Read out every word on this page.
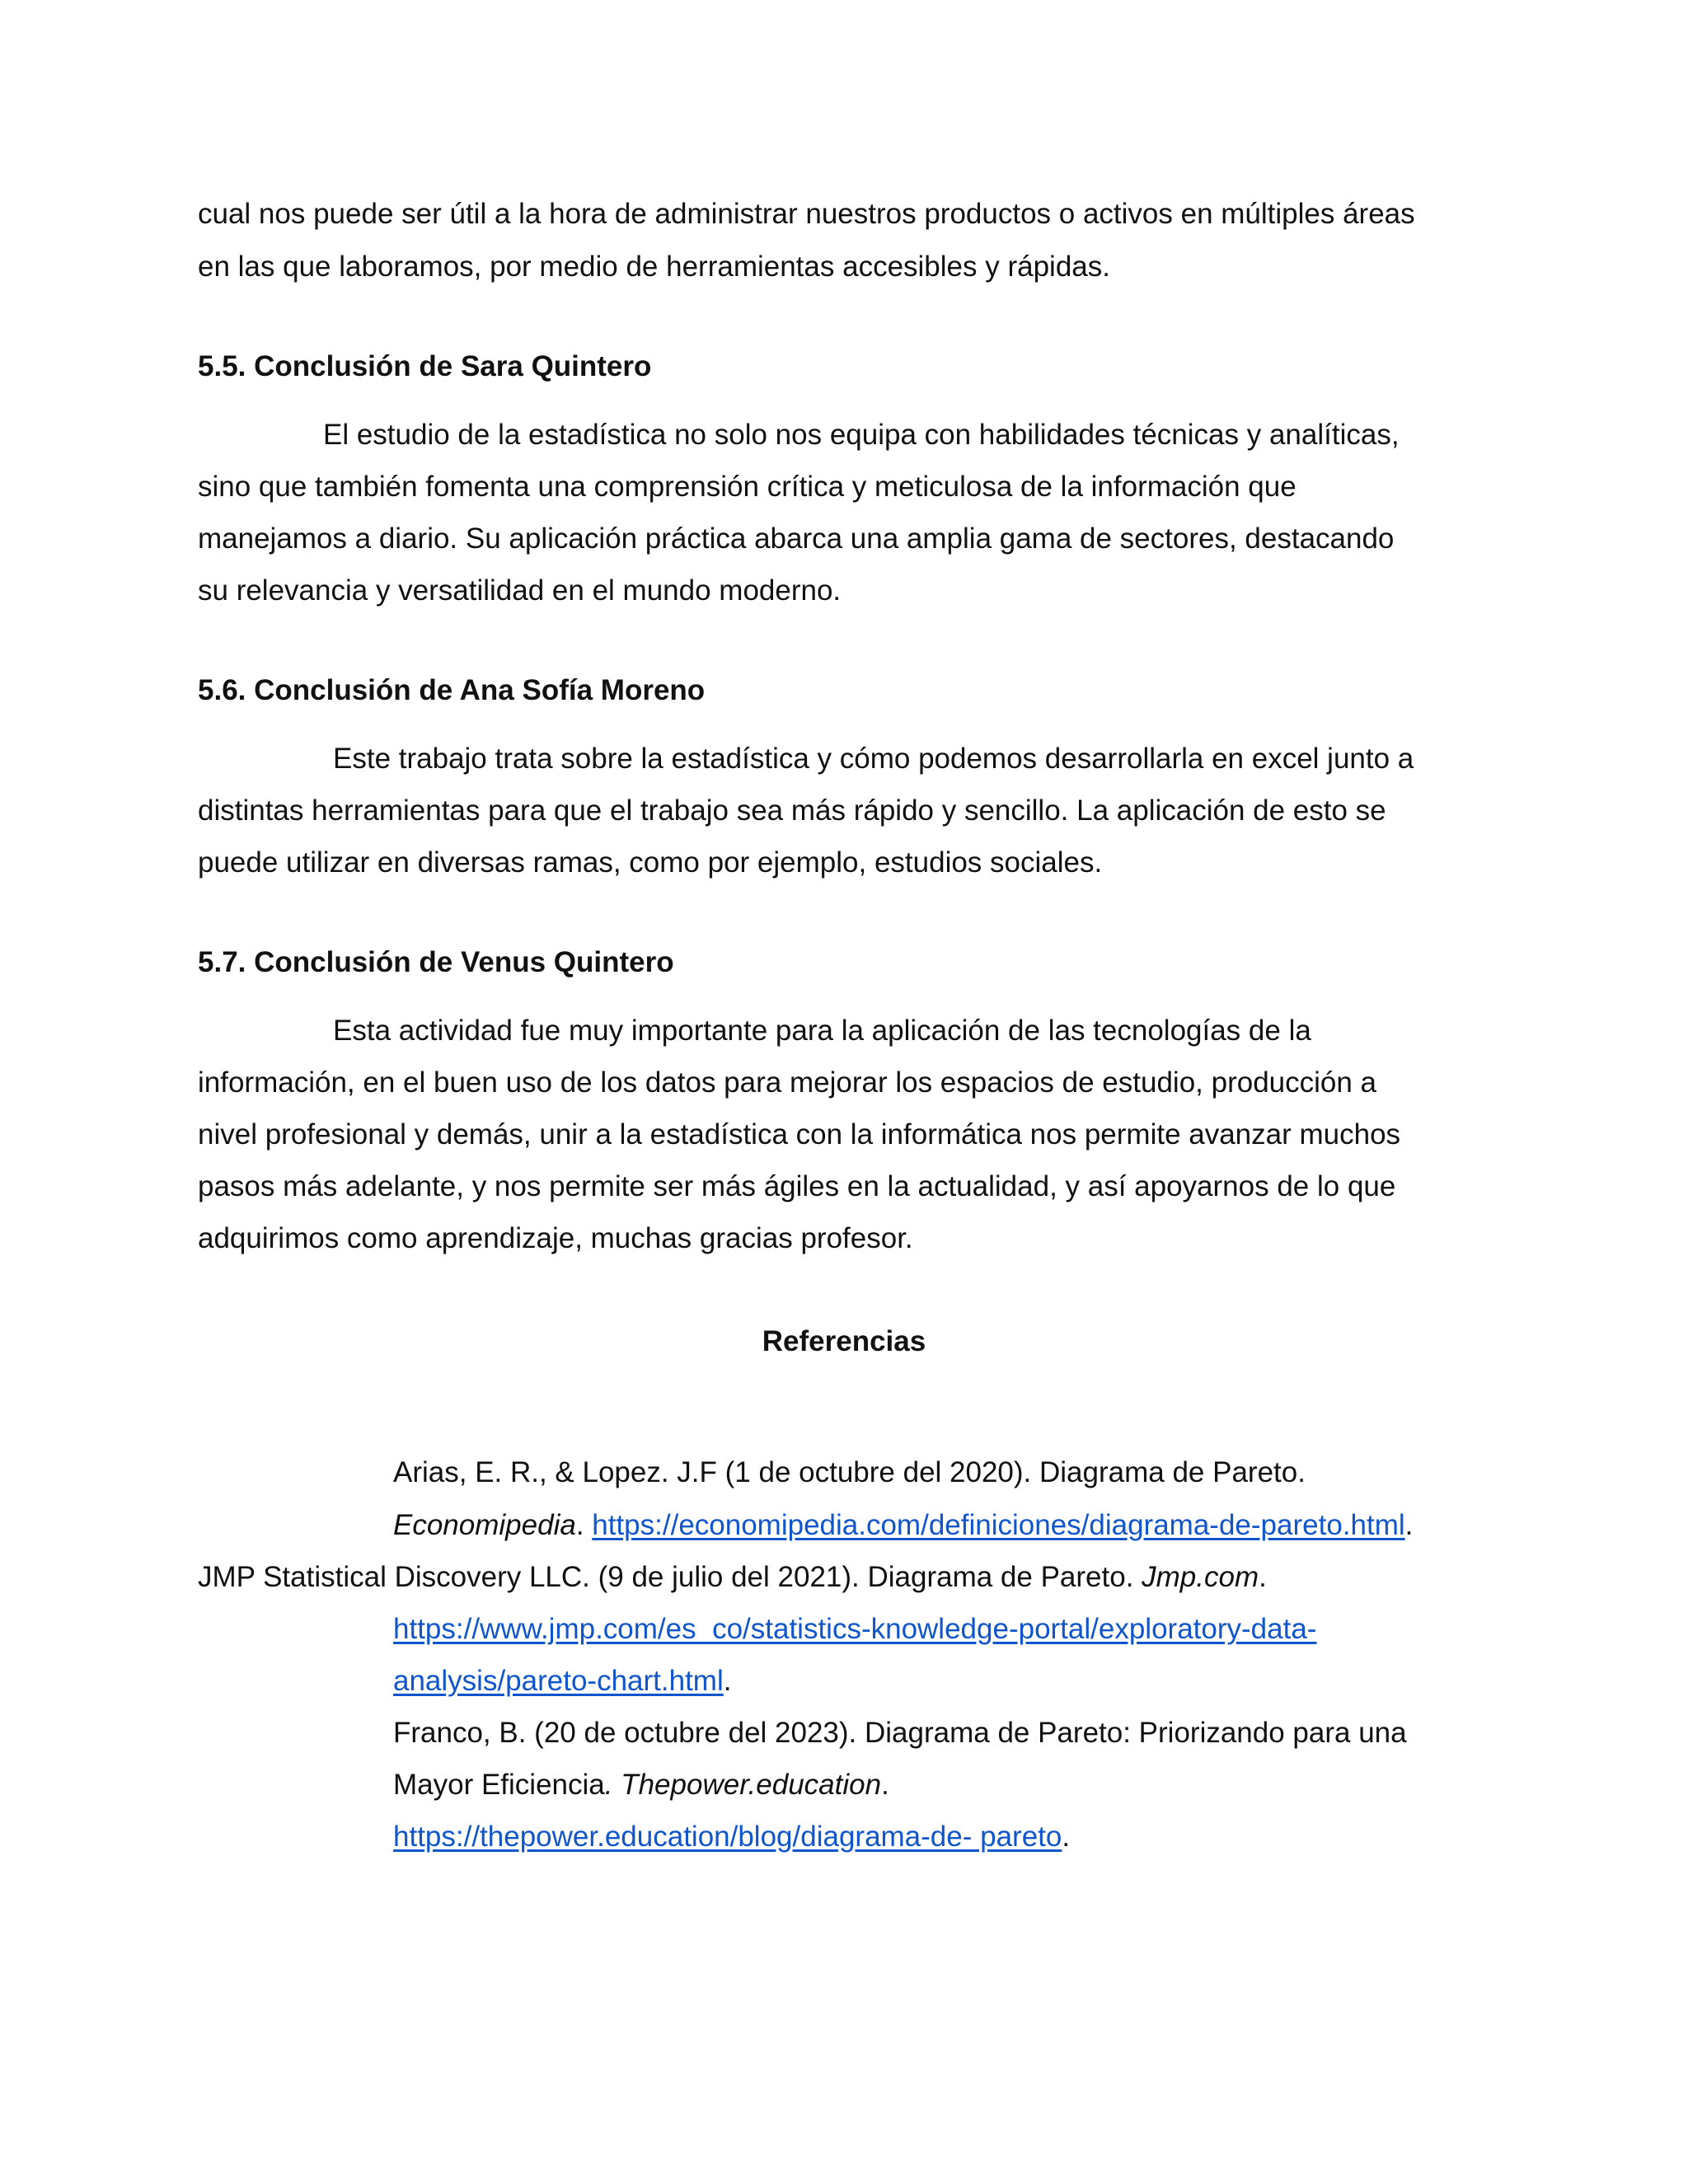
cual nos puede ser útil a la hora de administrar nuestros productos o activos en múltiples áreas

en las que laboramos, por medio de herramientas accesibles y rápidas.

5.5. Conclusión de Sara Quintero

El estudio de la estadística no solo nos equipa con habilidades técnicas y analíticas,

sino que también fomenta una comprensión crítica y meticulosa de la información que

manejamos a diario. Su aplicación práctica abarca una amplia gama de sectores, destacando

su relevancia y versatilidad en el mundo moderno.

5.6. Conclusión de Ana Sofía Moreno

Este trabajo trata sobre la estadística y cómo podemos desarrollarla en excel junto a

distintas herramientas para que el trabajo sea más rápido y sencillo. La aplicación de esto se

puede utilizar en diversas ramas, como por ejemplo, estudios sociales.

5.7. Conclusión de Venus Quintero

Esta actividad fue muy importante para la aplicación de las tecnologías de la

información, en el buen uso de los datos para mejorar los espacios de estudio, producción a

nivel profesional y demás, unir a la estadística con la informática nos permite avanzar muchos

pasos más adelante, y nos permite ser más ágiles en la actualidad, y así apoyarnos de lo que

adquirimos como aprendizaje, muchas gracias profesor.

Referencias

Arias, E. R., & Lopez. J.F (1 de octubre del 2020). Diagrama de Pareto.

Economipedia. https://economipedia.com/definiciones/diagrama-de-pareto.html.

JMP Statistical Discovery LLC. (9 de julio del 2021). Diagrama de Pareto. Jmp.com.

https://www.jmp.com/es_co/statistics-knowledge-portal/exploratory-data-

analysis/pareto-chart.html.

Franco, B. (20 de octubre del 2023). Diagrama de Pareto: Priorizando para una

Mayor Eficiencia. Thepower.education.

https://thepower.education/blog/diagrama-de- pareto.
